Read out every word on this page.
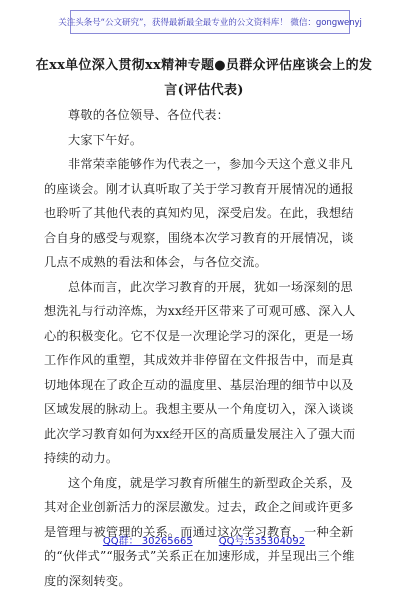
关注头条号“公文研究”，获得最新最全最专业的公文资料库！ 微信：gongwenyj
在xx单位深入贯彻xx精神专题●员群众评估座谈会上的发
言(评估代表)

尊敬的各位领导、各位代表：

大家下午好。

非常荣幸能够作为代表之一，参加今天这个意义非凡的座谈会。刚才认真听取了关于学习教育开展情况的通报也聆听了其他代表的真知灼见，深受启发。在此，我想结合自身的感受与观察，围绕本次学习教育的开展情况，谈几点不成熟的看法和体会，与各位交流。

总体而言，此次学习教育的开展，犹如一场深刻的思想洗礼与行动淬炼，为xx经开区带来了可观可感、深入人心的积极变化。它不仅是一次理论学习的深化，更是一场工作作风的重塑，其成效并非停留在文件报告中，而是真切地体现在了政企互动的温度里、基层治理的细节中以及区域发展的脉动上。我想主要从一个角度切入，深入谈谈此次学习教育如何为xx经开区的高质量发展注入了强大而持续的动力。

这个角度，就是学习教育所催生的新型政企关系，及其对企业创新活力的深层激发。过去，政企之间或许更多是管理与被管理的关系。而通过这次学习教育，一种全新的“伙伴式”“服务式”关系正在加速形成，并呈现出三个维度的深刻转变。

QQ群： 30265665	QQ号:535304092
